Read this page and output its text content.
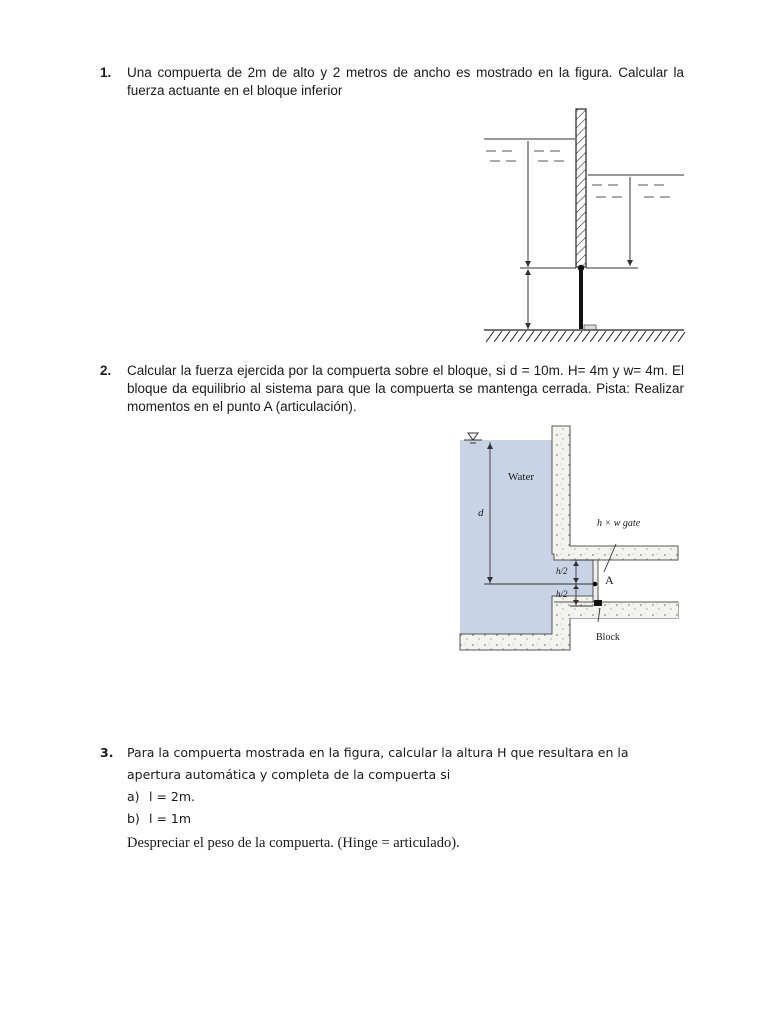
1.	Una compuerta de 2m de alto y 2 metros de ancho es mostrado en la figura. Calcular la fuerza actuante en el bloque inferior
2.	Calcular la fuerza ejercida por la compuerta sobre el bloque, si d = 10m. H= 4m y w= 4m. El bloque da equilibrio al sistema para que la compuerta se mantenga cerrada. Pista: Realizar momentos en el punto A (articulación).
Water
d
h × w gate
h/2
h/2
A
Block
3.	Para la compuerta mostrada en la figura, calcular la altura H que resultara en la apertura automática y completa de la compuerta si
a) l = 2m.
b) l = 1m
Despreciar el peso de la compuerta. (Hinge = articulado).
